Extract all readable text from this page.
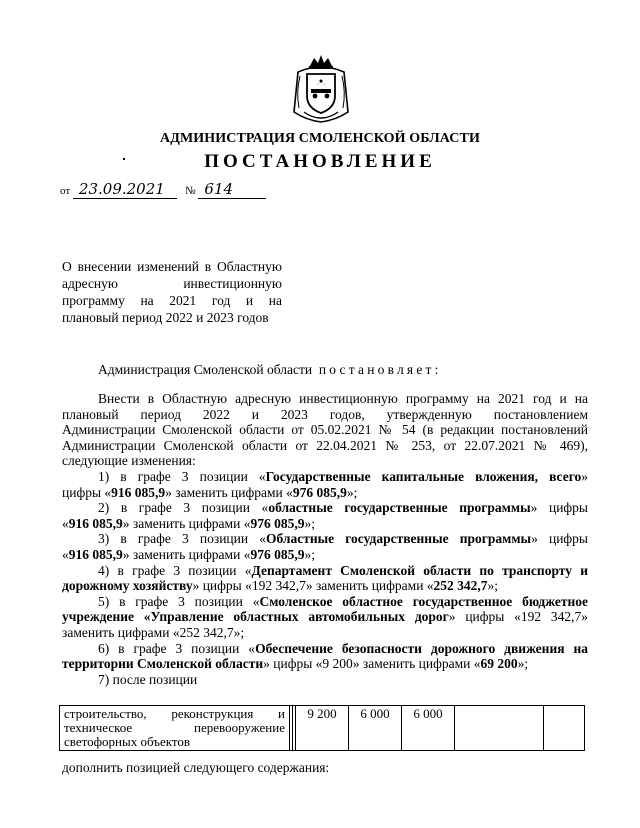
АДМИНИСТРАЦИЯ СМОЛЕНСКОЙ ОБЛАСТИ
ПОСТАНОВЛЕНИЕ
от 23.09.2021 № 614
О внесении изменений в Областную
адресную инвестиционную
программу на 2021 год и на
плановый период 2022 и 2023 годов
Администрация Смоленской области постановляет:

Внести в Областную адресную инвестиционную программу на 2021 год и на

плановый период 2022 и 2023 годов, утвержденную постановлением

Администрации Смоленской области от 05.02.2021 № 54 (в редакции постановлений

Администрации Смоленской области от 22.04.2021 № 253, от 22.07.2021 № 469),

следующие изменения:

1) в графе 3 позиции «Государственные капитальные вложения, всего»

цифры «916 085,9» заменить цифрами «976 085,9»;

2) в графе 3 позиции «областные государственные программы» цифры

«916 085,9» заменить цифрами «976 085,9»;

3) в графе 3 позиции «Областные государственные программы» цифры

«916 085,9» заменить цифрами «976 085,9»;

4) в графе 3 позиции «Департамент Смоленской области по транспорту и

дорожному хозяйству» цифры «192 342,7» заменить цифрами «252 342,7»;

5) в графе 3 позиции «Смоленское областное государственное бюджетное

учреждение «Управление областных автомобильных дорог» цифры «192 342,7»

заменить цифрами «252 342,7»;

6) в графе 3 позиции «Обеспечение безопасности дорожного движения на

территории Смоленской области» цифры «9 200» заменить цифрами «69 200»;

7) после позиции

строительство, реконструкция и
техническое перевооружение
светофорных объектов
			9 200	6 000	6 000		
дополнить позицией следующего содержания:
